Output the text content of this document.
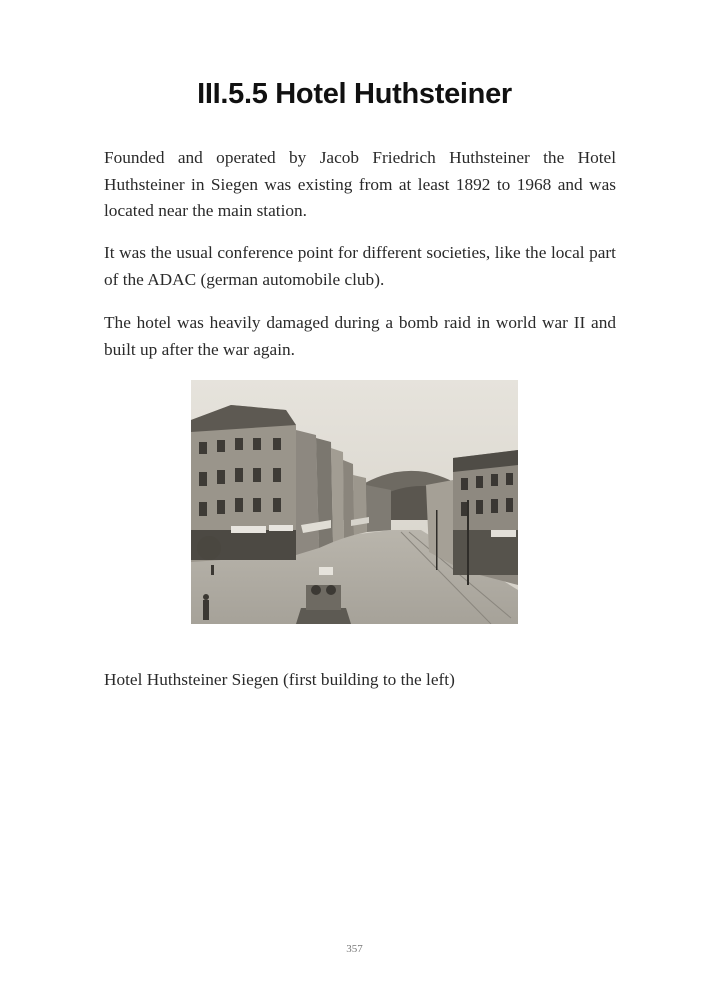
III.5.5 Hotel Huthsteiner

Founded and operated by Jacob Friedrich Huthsteiner the Hotel Huthsteiner in Siegen was existing from at least 1892 to 1968 and was located near the main station.

It was the usual conference point for different societies, like the local part of the ADAC (german automobile club).

The hotel was heavily damaged during a bomb raid in world war II and built up after the war again.

Hotel Huthsteiner Siegen (first building to the left)
357
